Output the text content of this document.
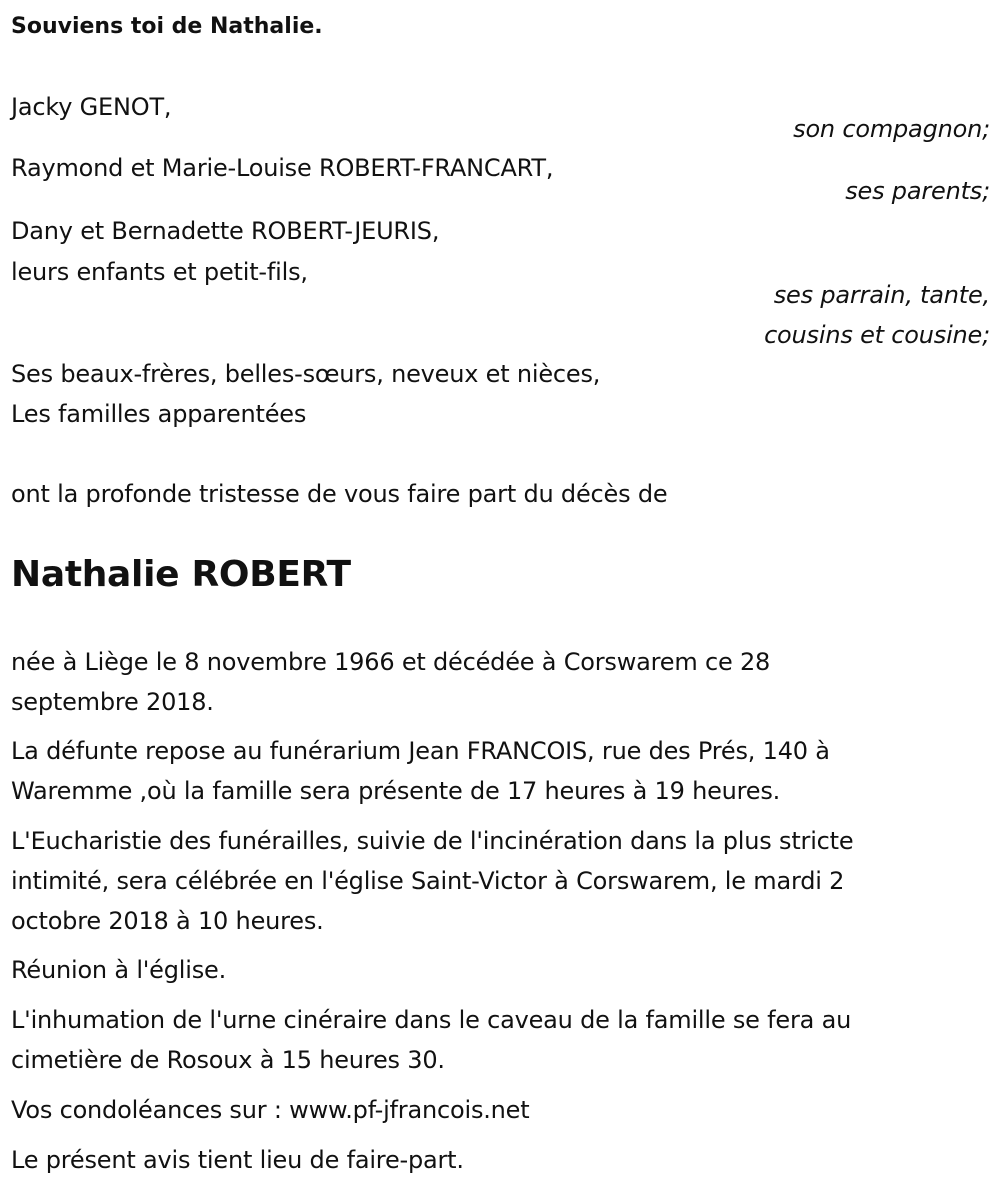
Souviens toi de Nathalie.
Jacky GENOT,
son compagnon;
Raymond et Marie-Louise ROBERT-FRANCART,
ses parents;
Dany et Bernadette ROBERT-JEURIS,
leurs enfants et petit-fils,
ses parrain, tante,
cousins et cousine;
Ses beaux-frères, belles-sœurs, neveux et nièces,
Les familles apparentées
ont la profonde tristesse de vous faire part du décès de
Nathalie ROBERT
née à Liège le 8 novembre 1966 et décédée à Corswarem ce 28
septembre 2018.
La défunte repose au funérarium Jean FRANCOIS, rue des Prés, 140 à
Waremme ,où la famille sera présente de 17 heures à 19 heures.
L'Eucharistie des funérailles, suivie de l'incinération dans la plus stricte
intimité, sera célébrée en l'église Saint-Victor à Corswarem, le mardi 2
octobre 2018 à 10 heures.
Réunion à l'église.
L'inhumation de l'urne cinéraire dans le caveau de la famille se fera au
cimetière de Rosoux à 15 heures 30.
Vos condoléances sur : www.pf-jfrancois.net
Le présent avis tient lieu de faire-part.
